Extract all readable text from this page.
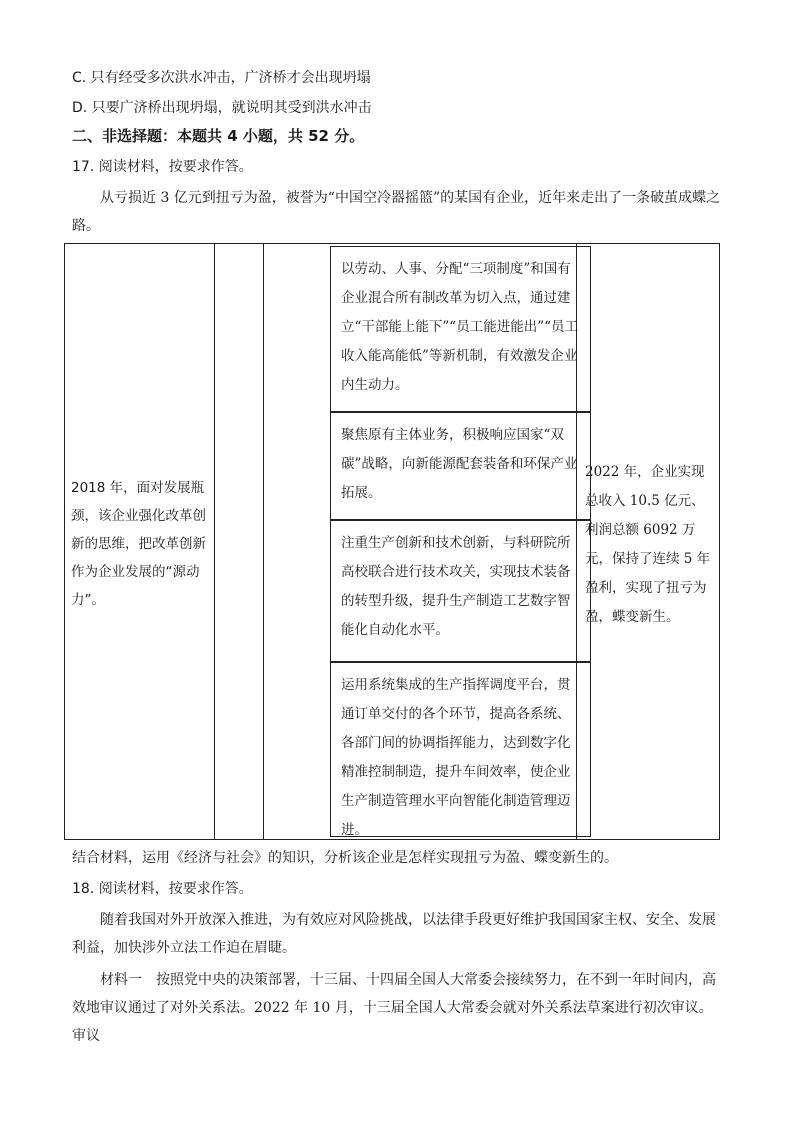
C. 只有经受多次洪水冲击，广济桥才会出现坍塌
D. 只要广济桥出现坍塌，就说明其受到洪水冲击
二、非选择题：本题共 4 小题，共 52 分。
17. 阅读材料，按要求作答。
从亏损近 3 亿元到扭亏为盈，被誉为“中国空冷器摇篮”的某国有企业，近年来走出了一条破茧成蝶之路。
2018 年，面对发展瓶颈，该企业强化改革创新的思维，把改革创新作为企业发展的“源动力”。
以劳动、人事、分配“三项制度”和国有企业混合所有制改革为切入点，通过建立“干部能上能下”“员工能进能出”“员工收入能高能低”等新机制，有效激发企业内生动力。
聚焦原有主体业务，积极响应国家“双碳”战略，向新能源配套装备和环保产业拓展。
注重生产创新和技术创新，与科研院所高校联合进行技术攻关，实现技术装备的转型升级，提升生产制造工艺数字智能化自动化水平。
运用系统集成的生产指挥调度平台，贯通订单交付的各个环节，提高各系统、各部门间的协调指挥能力，达到数字化精准控制制造，提升车间效率，使企业生产制造管理水平向智能化制造管理迈进。
2022 年，企业实现总收入 10.5 亿元、利润总额 6092 万元，保持了连续 5 年盈利，实现了扭亏为盈，蝶变新生。
结合材料，运用《经济与社会》的知识，分析该企业是怎样实现扭亏为盈、蝶变新生的。
18. 阅读材料，按要求作答。
随着我国对外开放深入推进，为有效应对风险挑战，以法律手段更好维护我国国家主权、安全、发展利益，加快涉外立法工作迫在眉睫。
材料一　按照党中央的决策部署，十三届、十四届全国人大常委会接续努力，在不到一年时间内，高效地审议通过了对外关系法。2022 年 10 月，十三届全国人大常委会就对外关系法草案进行初次审议。审议
